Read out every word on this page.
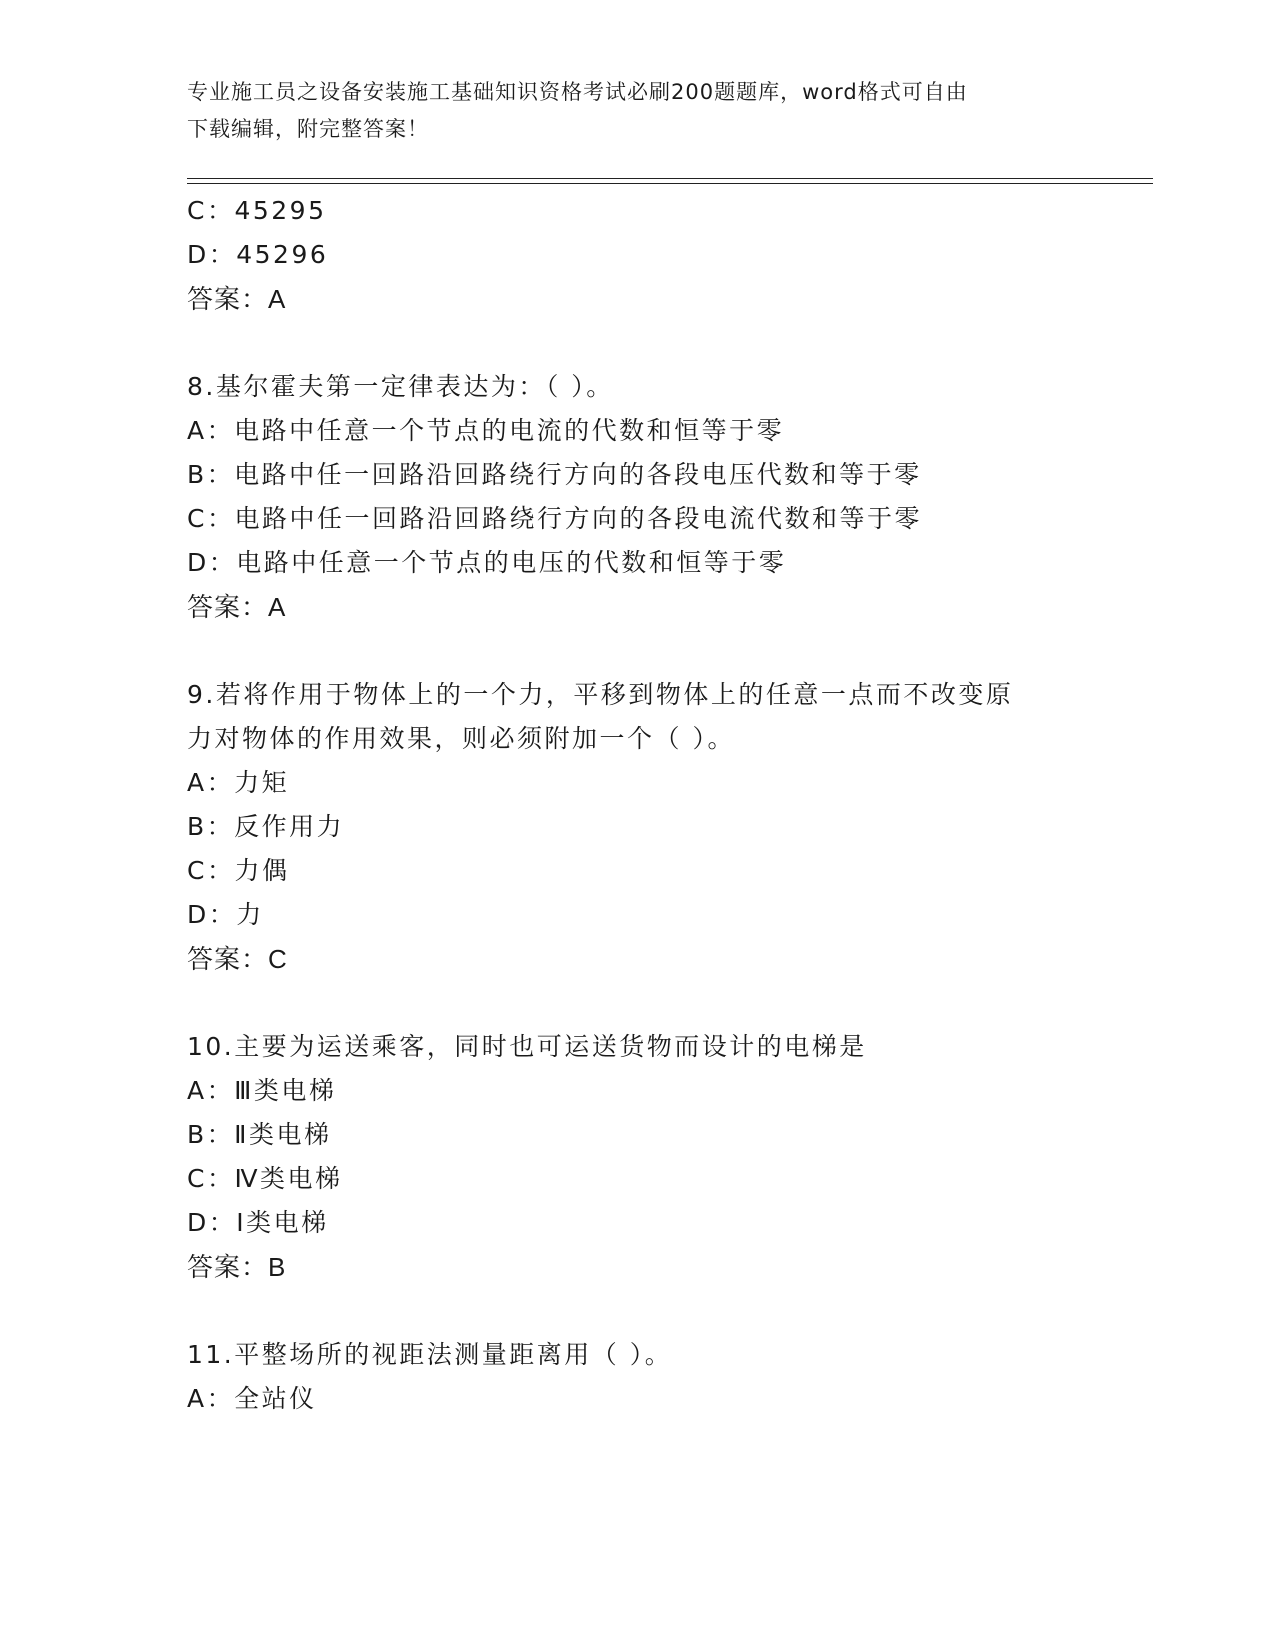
专业施工员之设备安装施工基础知识资格考试必刷200题题库，word格式可自由
下载编辑，附完整答案！
C：45295
D：45296
答案：A
8.基尔霍夫第一定律表达为：（ ）。
A：电路中任意一个节点的电流的代数和恒等于零
B：电路中任一回路沿回路绕行方向的各段电压代数和等于零
C：电路中任一回路沿回路绕行方向的各段电流代数和等于零
D：电路中任意一个节点的电压的代数和恒等于零
答案：A
9.若将作用于物体上的一个力，平移到物体上的任意一点而不改变原
力对物体的作用效果，则必须附加一个（ ）。
A：力矩
B：反作用力
C：力偶
D：力
答案：C
10.主要为运送乘客，同时也可运送货物而设计的电梯是
A：Ⅲ类电梯
B：Ⅱ类电梯
C：Ⅳ类电梯
D：Ⅰ类电梯
答案：B
11.平整场所的视距法测量距离用（ ）。
A：全站仪
